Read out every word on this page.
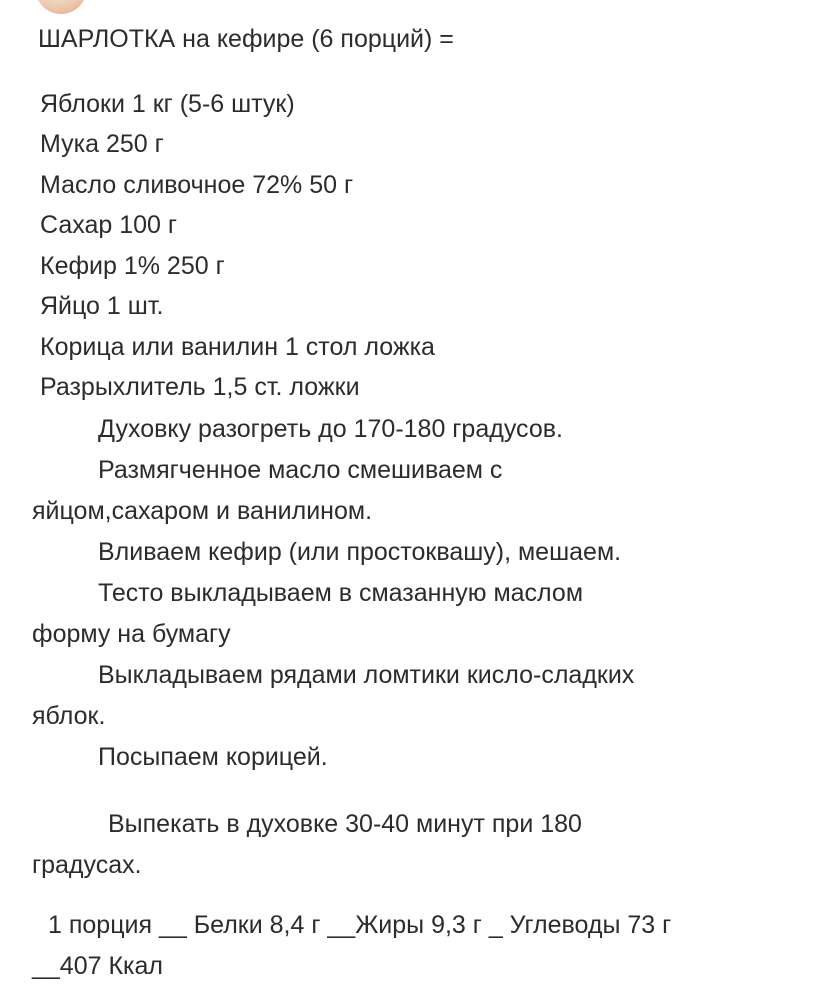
ШАРЛОТКА на кефире (6 порций) =
Яблоки 1 кг (5-6 штук)
Мука 250 г
Масло сливочное 72% 50 г
Сахар 100 г
Кефир 1% 250 г
Яйцо 1 шт.
Корица или ванилин 1 стол ложка
Разрыхлитель 1,5 ст. ложки
Духовку разогреть до 170-180 градусов.
Размягченное масло смешиваем с
яйцом,сахаром и ванилином.
Вливаем кефир (или простоквашу), мешаем.
Тесто выкладываем в смазанную маслом
форму на бумагу
Выкладываем рядами ломтики кисло-сладких
яблок.
Посыпаем корицей.
Выпекать в духовке 30-40 минут при 180
градусах.
1 порция __ Белки 8,4 г __Жиры 9,3 г _ Углеводы 73 г
__407 Ккал
